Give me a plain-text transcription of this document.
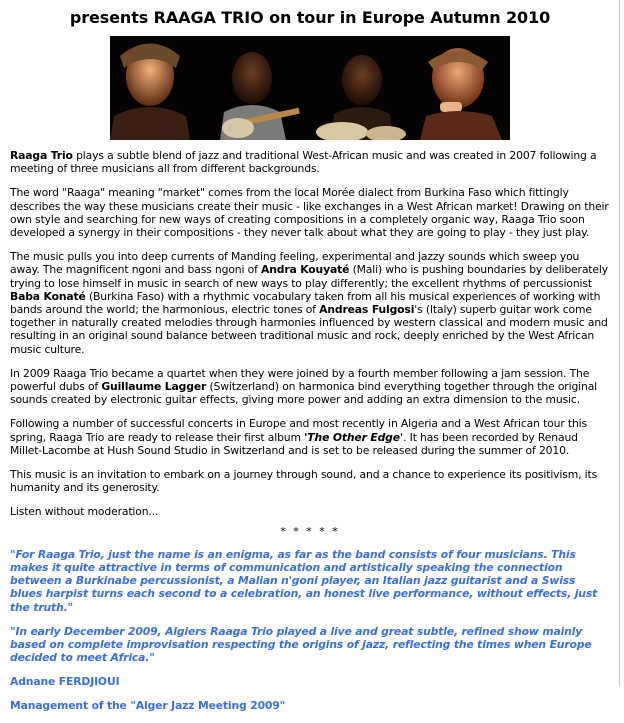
presents RAAGA TRIO on tour in Europe Autumn 2010

Raaga Trio plays a subtle blend of jazz and traditional West-African music and was created in 2007 following a meeting of three musicians all from different backgrounds.

The word "Raaga" meaning "market" comes from the local Morée dialect from Burkina Faso which fittingly describes the way these musicians create their music - like exchanges in a West African market! Drawing on their own style and searching for new ways of creating compositions in a completely organic way, Raaga Trio soon developed a synergy in their compositions - they never talk about what they are going to play - they just play.

The music pulls you into deep currents of Manding feeling, experimental and jazzy sounds which sweep you away. The magnificent ngoni and bass ngoni of Andra Kouyaté (Mali) who is pushing boundaries by deliberately trying to lose himself in music in search of new ways to play differently; the excellent rhythms of percussionist Baba Konaté (Burkina Faso) with a rhythmic vocabulary taken from all his musical experiences of working with bands around the world; the harmonious, electric tones of Andreas Fulgosi's (Italy) superb guitar work come together in naturally created melodies through harmonies influenced by western classical and modern music and resulting in an original sound balance between traditional music and rock, deeply enriched by the West African music culture.

In 2009 Raaga Trio became a quartet when they were joined by a fourth member following a jam session. The powerful dubs of Guillaume Lagger (Switzerland) on harmonica bind everything together through the original sounds created by electronic guitar effects, giving more power and adding an extra dimension to the music.

Following a number of successful concerts in Europe and most recently in Algeria and a West African tour this spring, Raaga Trio are ready to release their first album 'The Other Edge'. It has been recorded by Renaud Millet-Lacombe at Hush Sound Studio in Switzerland and is set to be released during the summer of 2010.

This music is an invitation to embark on a journey through sound, and a chance to experience its positivism, its humanity and its generosity.

Listen without moderation...

* * * * *

"For Raaga Trio, just the name is an enigma, as far as the band consists of four musicians. This makes it quite attractive in terms of communication and artistically speaking the connection between a Burkinabe percussionist, a Malian n'goni player, an Italian jazz guitarist and a Swiss blues harpist turns each second to a celebration, an honest live performance, without effects, just the truth."

"In early December 2009, Algiers Raaga Trio played a live and great subtle, refined show mainly based on complete improvisation respecting the origins of jazz, reflecting the times when Europe decided to meet Africa."

Adnane FERDJIOUI

Management of the "Alger Jazz Meeting 2009"
